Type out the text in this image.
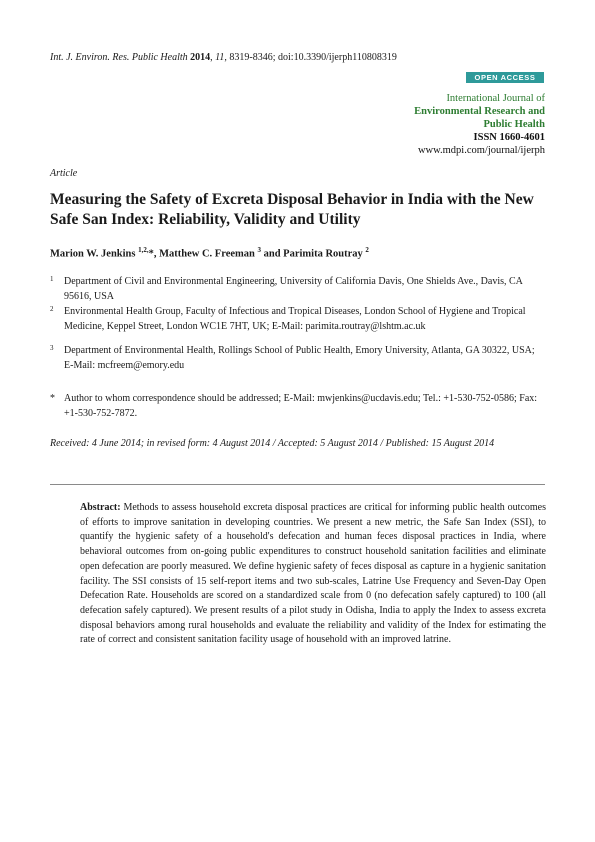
Int. J. Environ. Res. Public Health 2014, 11, 8319-8346; doi:10.3390/ijerph110808319
OPEN ACCESS
International Journal of
Environmental Research and
Public Health
ISSN 1660-4601
www.mdpi.com/journal/ijerph
Article
Measuring the Safety of Excreta Disposal Behavior in India with the New Safe San Index: Reliability, Validity and Utility
Marion W. Jenkins $^{1,2,}$*, Matthew C. Freeman $^3$ and Parimita Routray $^2$
1 Department of Civil and Environmental Engineering, University of California Davis, One Shields Ave., Davis, CA 95616, USA
2 Environmental Health Group, Faculty of Infectious and Tropical Diseases, London School of Hygiene and Tropical Medicine, Keppel Street, London WC1E 7HT, UK; E-Mail: parimita.routray@lshtm.ac.uk
3 Department of Environmental Health, Rollings School of Public Health, Emory University, Atlanta, GA 30322, USA; E-Mail: mcfreem@emory.edu
* Author to whom correspondence should be addressed; E-Mail: mwjenkins@ucdavis.edu; Tel.: +1-530-752-0586; Fax: +1-530-752-7872.
Received: 4 June 2014; in revised form: 4 August 2014 / Accepted: 5 August 2014 / Published: 15 August 2014
Abstract: Methods to assess household excreta disposal practices are critical for informing public health outcomes of efforts to improve sanitation in developing countries. We present a new metric, the Safe San Index (SSI), to quantify the hygienic safety of a household's defecation and human feces disposal practices in India, where behavioral outcomes from on-going public expenditures to construct household sanitation facilities and eliminate open defecation are poorly measured. We define hygienic safety of feces disposal as capture in a hygienic sanitation facility. The SSI consists of 15 self-report items and two sub-scales, Latrine Use Frequency and Seven-Day Open Defecation Rate. Households are scored on a standardized scale from 0 (no defecation safely captured) to 100 (all defecation safely captured). We present results of a pilot study in Odisha, India to apply the Index to assess excreta disposal behaviors among rural households and evaluate the reliability and validity of the Index for estimating the rate of correct and consistent sanitation facility usage of household with an improved latrine.
